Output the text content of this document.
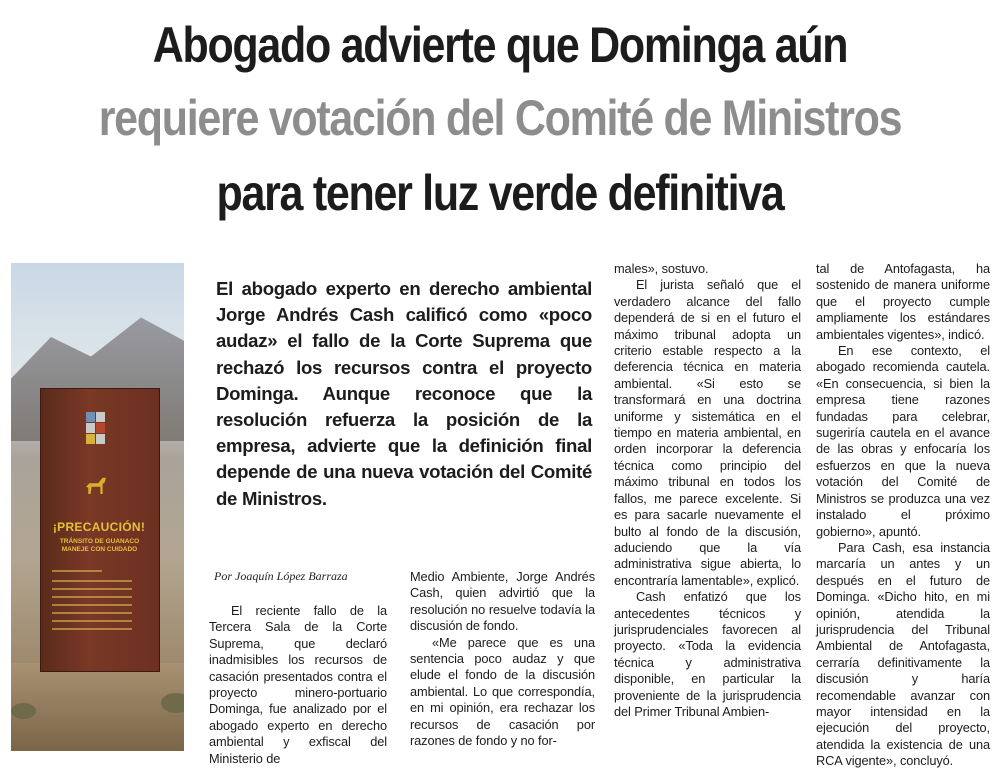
Abogado advierte que Dominga aún
requiere votación del Comité de Ministros
para tener luz verde definitiva
¡PRECAUCIÓN!
TRÁNSITO DE GUANACO MANEJE CON CUIDADO
El abogado experto en derecho ambiental Jorge Andrés Cash calificó como «poco audaz» el fallo de la Corte Suprema que rechazó los recursos contra el proyecto Dominga. Aunque reconoce que la resolución refuerza la posición de la empresa, advierte que la definición final depende de una nueva votación del Comité de Ministros.
Por Joaquín López Barraza

El reciente fallo de la Tercera Sala de la Corte Suprema, que declaró inadmisibles los recursos de casación presentados contra el proyecto minero-portuario Dominga, fue analizado por el abogado experto en derecho ambiental y exfiscal del Ministerio de

Medio Ambiente, Jorge Andrés Cash, quien advirtió que la resolución no resuelve todavía la discusión de fondo.

«Me parece que es una sentencia poco audaz y que elude el fondo de la discusión ambiental. Lo que correspondía, en mi opinión, era rechazar los recursos de casación por razones de fondo y no for-

males», sostuvo.

El jurista señaló que el verdadero alcance del fallo dependerá de si en el futuro el máximo tribunal adopta un criterio estable respecto a la deferencia técnica en materia ambiental. «Si esto se transformará en una doctrina uniforme y sistemática en el tiempo en materia ambiental, en orden incorporar la deferencia técnica como principio del máximo tribunal en todos los fallos, me parece excelente. Si es para sacarle nuevamente el bulto al fondo de la discusión, aduciendo que la vía administrativa sigue abierta, lo encontraría lamentable», explicó.

Cash enfatizó que los antecedentes técnicos y jurisprudenciales favorecen al proyecto. «Toda la evidencia técnica y administrativa disponible, en particular la proveniente de la jurisprudencia del Primer Tribunal Ambien-

tal de Antofagasta, ha sostenido de manera uniforme que el proyecto cumple ampliamente los estándares ambientales vigentes», indicó.

En ese contexto, el abogado recomienda cautela. «En consecuencia, si bien la empresa tiene razones fundadas para celebrar, sugeriría cautela en el avance de las obras y enfocaría los esfuerzos en que la nueva votación del Comité de Ministros se produzca una vez instalado el próximo gobierno», apuntó.

Para Cash, esa instancia marcaría un antes y un después en el futuro de Dominga. «Dicho hito, en mi opinión, atendida la jurisprudencia del Tribunal Ambiental de Antofagasta, cerraría definitivamente la discusión y haría recomendable avanzar con mayor intensidad en la ejecución del proyecto, atendida la existencia de una RCA vigente», concluyó.
